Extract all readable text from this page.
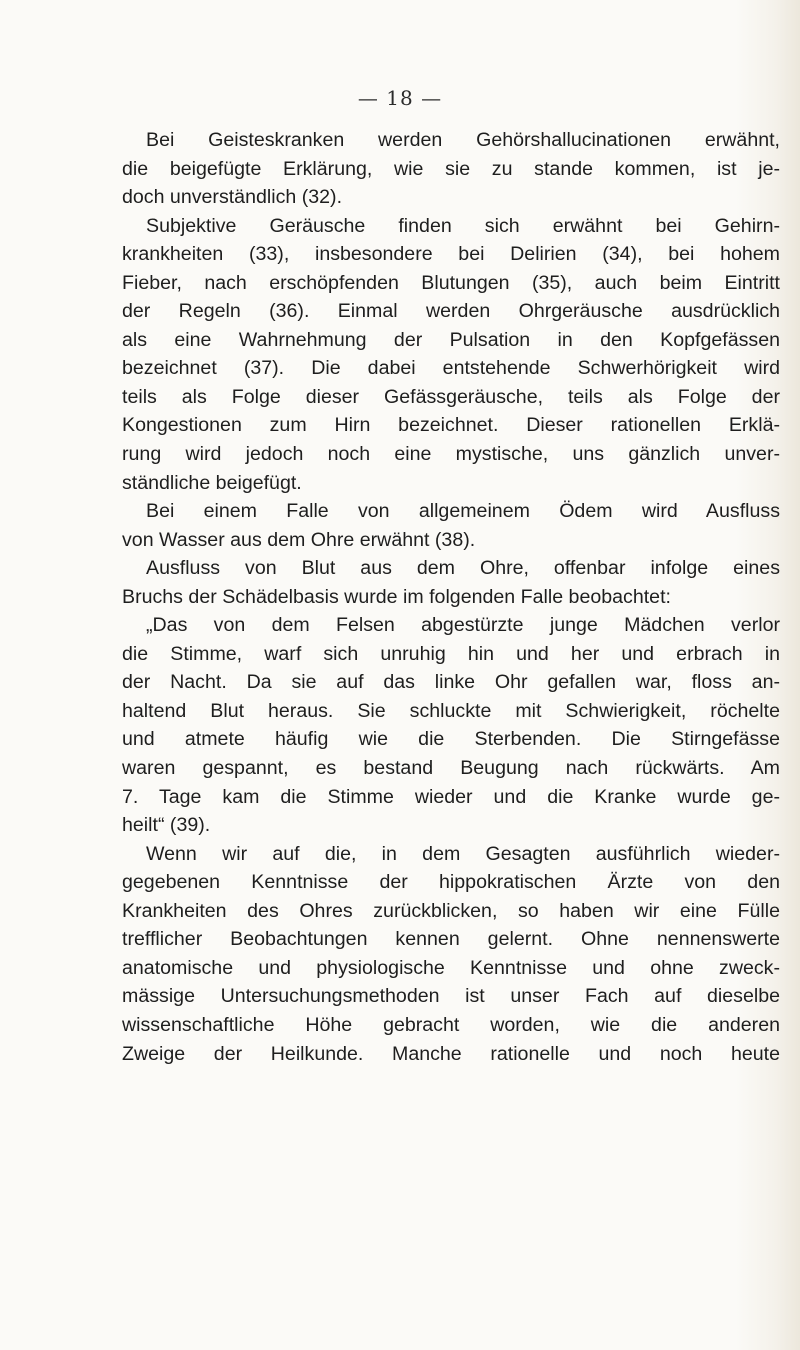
— 18 —
Bei Geisteskranken werden Gehörshallucinationen erwähnt,
die beigefügte Erklärung, wie sie zu stande kommen, ist je-
doch unverständlich (32).
Subjektive Geräusche finden sich erwähnt bei Gehirn-
krankheiten (33), insbesondere bei Delirien (34), bei hohem
Fieber, nach erschöpfenden Blutungen (35), auch beim Eintritt
der Regeln (36). Einmal werden Ohrgeräusche ausdrücklich
als eine Wahrnehmung der Pulsation in den Kopfgefässen
bezeichnet (37). Die dabei entstehende Schwerhörigkeit wird
teils als Folge dieser Gefässgeräusche, teils als Folge der
Kongestionen zum Hirn bezeichnet. Dieser rationellen Erklä-
rung wird jedoch noch eine mystische, uns gänzlich unver-
ständliche beigefügt.
Bei einem Falle von allgemeinem Ödem wird Ausfluss
von Wasser aus dem Ohre erwähnt (38).
Ausfluss von Blut aus dem Ohre, offenbar infolge eines
Bruchs der Schädelbasis wurde im folgenden Falle beobachtet:
„Das von dem Felsen abgestürzte junge Mädchen verlor
die Stimme, warf sich unruhig hin und her und erbrach in
der Nacht. Da sie auf das linke Ohr gefallen war, floss an-
haltend Blut heraus. Sie schluckte mit Schwierigkeit, röchelte
und atmete häufig wie die Sterbenden. Die Stirngefässe
waren gespannt, es bestand Beugung nach rückwärts. Am
7. Tage kam die Stimme wieder und die Kranke wurde ge-
heilt“ (39).
Wenn wir auf die, in dem Gesagten ausführlich wieder-
gegebenen Kenntnisse der hippokratischen Ärzte von den
Krankheiten des Ohres zurückblicken, so haben wir eine Fülle
trefflicher Beobachtungen kennen gelernt. Ohne nennenswerte
anatomische und physiologische Kenntnisse und ohne zweck-
mässige Untersuchungsmethoden ist unser Fach auf dieselbe
wissenschaftliche Höhe gebracht worden, wie die anderen
Zweige der Heilkunde. Manche rationelle und noch heute
